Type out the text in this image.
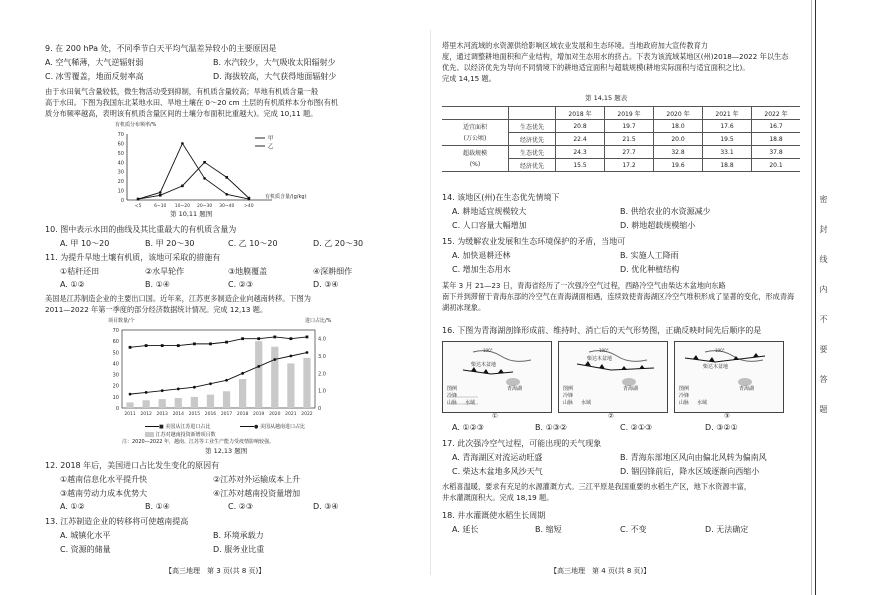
9. 在 200 hPa 处，不同季节白天平均气温差异较小的主要原因是
A. 空气稀薄，大气逆辐射弱	B. 水汽较少，大气吸收太阳辐射少
C. 冰雪覆盖，地面反射率高	D. 海拔较高，大气获得地面辐射少
由于水田氧气含量较低，微生物活动受到抑制，有机质含量较高；旱地有机质含量一般
高于水田。下图为我国东北某地水田、旱地土壤在 0～20 cm 土层的有机质样本分布图(有机
质分布频率越高，表明该有机质含量区间的土壤分布面积比重越大)。完成 10,11 题。
有机质分布频率/%
0
10
20
30
40
50
60
70
<5	6~10 10~20 20~30 30~40 >40
甲
乙
有机质含量/(g/kg)
第 10,11 题图
10. 图中表示水田的曲线及其比重最大的有机质含量为
A. 甲 10～20	B. 甲 20～30	C. 乙 10～20	D. 乙 20～30
11. 为提升旱地土壤有机质，该地可采取的措施有
①秸秆还田	②水旱轮作	③地膜覆盖	④深耕细作
A. ①②	B. ①④	C. ②③	D. ③④
美国是江苏制造企业的主要出口国。近年来，江苏更多制造企业向越南转移。下图为
2011—2022 年第一季度的部分经济数据统计情况。完成 12,13 题。
项目数量/个	进口占比/%
0
10
20
30
40
50
60
70
0
1.0
2.0
3.0
4.0
2011 2012 2013 2014 2015 2016 2017 2018 2019 2020 2021 2022
■ 美国从江苏进口占比	● 美国从越南进口占比
江苏对越南投资新增项目数
注：2020—2022 年，越南、江苏等工业生产能力受疫情影响较强。
第 12,13 题图
12. 2018 年后，美国进口占比发生变化的原因有
①越南信息化水平提升快	②江苏对外运输成本上升
③越南劳动力成本优势大	④江苏对越南投资量增加
A. ①②	B. ①④	C. ②③	D. ③④
13. 江苏制造企业的转移将可使越南提高
A. 城镇化水平	B. 环境承载力
C. 资源的储量	D. 服务业比重
【高三地理　第 3 页(共 8 页)】
塔里木河流域的水资源供给影响区域农业发展和生态环境。当地政府加大宣传教育力
度，通过调整耕地面积和产业结构，增加对生态用水的挤占。下表为该流域某地区(州)2018—2022 年以生态
优先、以经济优先为导向不同情境下的耕地适宜面积与超载规模(耕地实际面积与适宜面积之比)。
完成 14,15 题。
第 14,15 题表
		2018 年	2019 年	2020 年	2021 年	2022 年

适宜面积
(万公顷)	生态优先	20.8	19.7	18.0	17.6	16.7
	经济优先	22.4	21.5	20.0	19.5	18.8

超载规模
(%)	生态优先	24.3	27.7	32.8	33.1	37.8
	经济优先	15.5	17.2	19.6	18.8	20.1
14. 该地区(州)在生态优先情境下
A. 耕地适宜规模较大	B. 供给农业的水资源减少
C. 人口容量大幅增加	D. 耕地超载规模缩小
15. 为缓解农业发展和生态环境保护的矛盾，当地可
A. 加快退耕还林	B. 实施人工降雨
C. 增加生态用水	D. 优化种植结构
某年 3 月 21—23 日，青海省经历了一次强冷空气过程，西路冷空气由柴达木盆地向东路
南下并到滞留于青海东部的冷空气在青海湖面相遇，连续致使青海湖区冷空气堆积形成了显著的变化，形成青海
湖初冰现象。
16. 下图为青海湖剖锋形成前、维持时、消亡后的天气形势图，正确反映时间先后顺序的是
190°
柴达木盆地
青海湖
图例
冷锋
山脉 水域
190°
柴达木盆地
青海湖
图例
冷锋
山脉 水域
190°
柴达木盆地
青海湖
图例
冷锋
山脉 水域
①	②	③
A. ①②③	B. ①③②	C. ②①③	D. ③②①
17. 此次强冷空气过程，可能出现的天气现象
A. 青海湖区对流运动旺盛	B. 青海东部地区风向由偏北风转为偏南风
C. 柴达木盆地多风沙天气	D. 锢囚锋前后，降水区域逐渐向西缩小
水稻喜温暖，要求有充足的水源灌溉方式。三江平原是我国重要的水稻生产区，地下水资源丰富，
井水灌溉面积大。完成 18,19 题。
18. 井水灌溉使水稻生长周期
A. 延长	B. 缩短	C. 不变	D. 无法确定
【高三地理　第 4 页(共 8 页)】
密封线内不要答题
